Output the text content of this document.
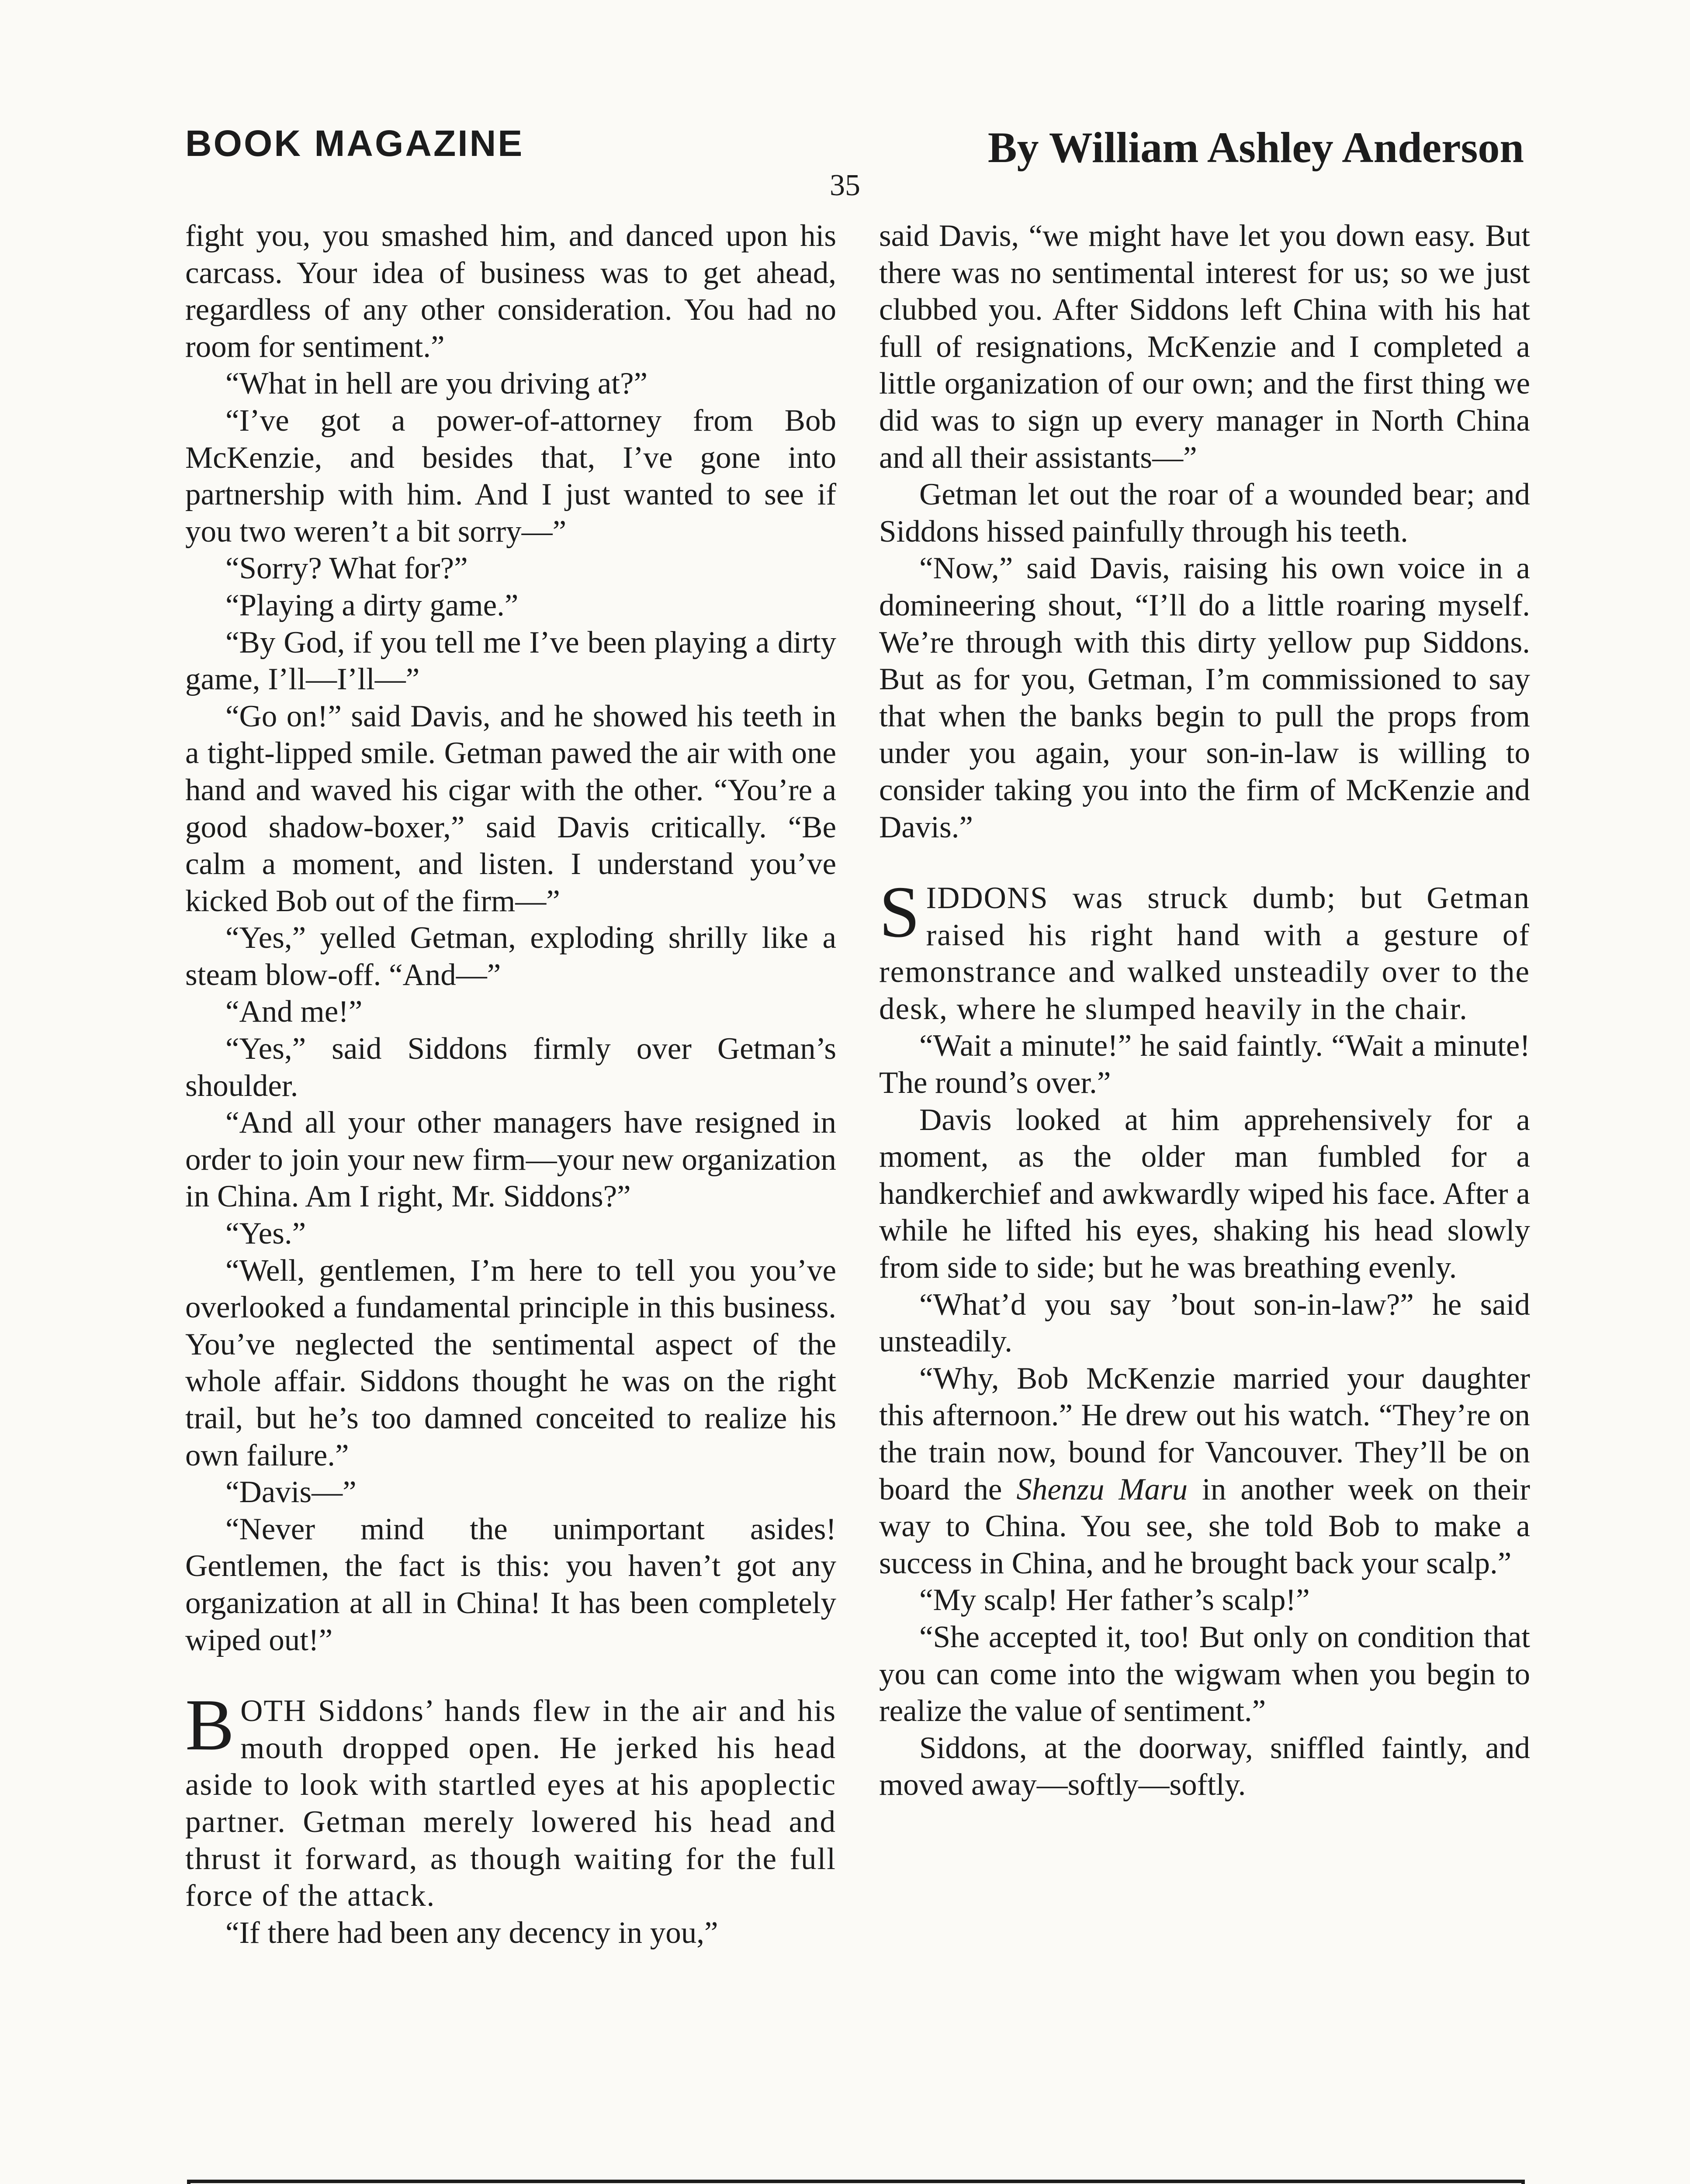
BOOK MAGAZINE	By William Ashley Anderson
35

fight you, you smashed him, and danced upon his carcass. Your idea of business was to get ahead, regardless of any other consideration. You had no room for sentiment.”

“What in hell are you driving at?”

“I’ve got a power-of-attorney from Bob McKenzie, and besides that, I’ve gone into partnership with him. And I just wanted to see if you two weren’t a bit sorry—”

“Sorry? What for?”

“Playing a dirty game.”

“By God, if you tell me I’ve been playing a dirty game, I’ll—I’ll—”

“Go on!” said Davis, and he showed his teeth in a tight-lipped smile. Getman pawed the air with one hand and waved his cigar with the other. “You’re a good shadow-boxer,” said Davis critically. “Be calm a moment, and listen. I understand you’ve kicked Bob out of the firm—”

“Yes,” yelled Getman, exploding shrilly like a steam blow-off. “And—”

“And me!”

“Yes,” said Siddons firmly over Getman’s shoulder.

“And all your other managers have resigned in order to join your new firm—your new organization in China. Am I right, Mr. Siddons?”

“Yes.”

“Well, gentlemen, I’m here to tell you you’ve overlooked a fundamental principle in this business. You’ve neglected the sentimental aspect of the whole affair. Siddons thought he was on the right trail, but he’s too damned conceited to realize his own failure.”

“Davis—”

“Never mind the unimportant asides! Gentlemen, the fact is this: you haven’t got any organization at all in China! It has been completely wiped out!”

BOTH Siddons’ hands flew in the air and his mouth dropped open. He jerked his head aside to look with startled eyes at his apoplectic partner. Getman merely lowered his head and thrust it forward, as though waiting for the full force of the attack.

“If there had been any decency in you,”

said Davis, “we might have let you down easy. But there was no sentimental interest for us; so we just clubbed you. After Siddons left China with his hat full of resignations, McKenzie and I completed a little organization of our own; and the first thing we did was to sign up every manager in North China and all their assistants—”

Getman let out the roar of a wounded bear; and Siddons hissed painfully through his teeth.

“Now,” said Davis, raising his own voice in a domineering shout, “I’ll do a little roaring myself. We’re through with this dirty yellow pup Siddons. But as for you, Getman, I’m commissioned to say that when the banks begin to pull the props from under you again, your son-in-law is willing to consider taking you into the firm of McKenzie and Davis.”

SIDDONS was struck dumb; but Getman raised his right hand with a gesture of remonstrance and walked unsteadily over to the desk, where he slumped heavily in the chair.

“Wait a minute!” he said faintly. “Wait a minute! The round’s over.”

Davis looked at him apprehensively for a moment, as the older man fumbled for a handkerchief and awkwardly wiped his face. After a while he lifted his eyes, shaking his head slowly from side to side; but he was breathing evenly.

“What’d you say ’bout son-in-law?” he said unsteadily.

“Why, Bob McKenzie married your daughter this afternoon.” He drew out his watch. “They’re on the train now, bound for Vancouver. They’ll be on board the Shenzu Maru in another week on their way to China. You see, she told Bob to make a success in China, and he brought back your scalp.”

“My scalp! Her father’s scalp!”

“She accepted it, too! But only on condition that you can come into the wigwam when you begin to realize the value of sentiment.”

Siddons, at the doorway, sniffled faintly, and moved away—softly—softly.
